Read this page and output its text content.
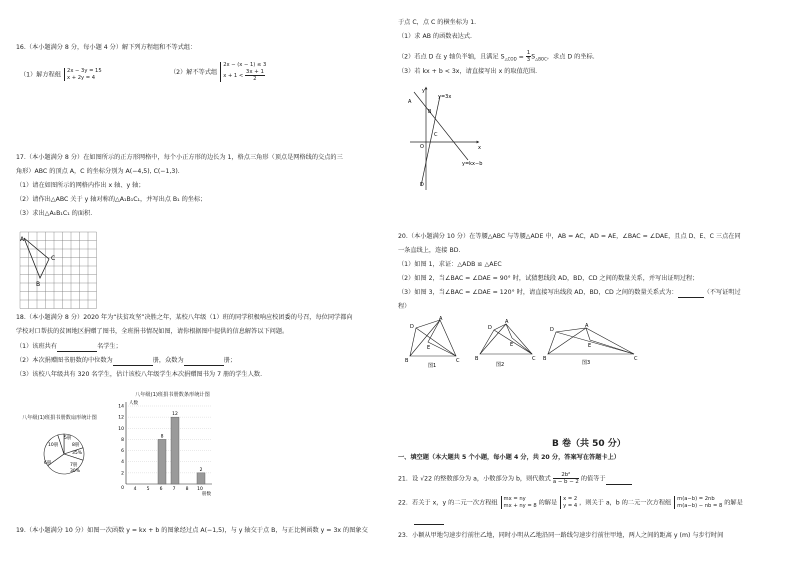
16.（本小题满分 8 分，每小题 4 分）解下列方程组和不等式组：
（1）解方程组
2x − 3y = 15
x + 2y = 4
（2）解不等式组
2x − (x − 1) ≤ 3
$x + 1 < \frac{3x + 1}{2}$
17.（本小题满分 8 分）在如图所示的正方形网格中，每个小正方形的边长为 1，格点三角形（顶点是网格线的交点的三
角形）ABC 的顶点 A，C 的坐标分别为 A(−4,5), C(−1,3).
（1）请在如图所示的网格内作出 x 轴、y 轴；
（2）请作出△ABC 关于 y 轴对称的△A₁B₁C₁，并写出点 B₁ 的坐标；
（3）求出△A₁B₁C₁ 的面积.
A
B
C
18.（本小题满分 8 分）2020 年为“扶贫攻坚”决胜之年，某校八年级（1）班的同学积极响应校团委的号召，每位同学都向
学校对口帮扶的贫困地区捐赠了图书，全班捐书情况如图，请你根据图中提供的信息解答以下问题。
（1）该班共有	名学生；
（2）本次捐赠图书册数的中位数为	册，众数为	册；
（3）该校八年级共有 320 名学生，估计该校八年级学生本次捐赠图书为 7 册的学生人数.
八年级(1)班捐书册数扇形统计图
5册
10册
6册
8册
35%
7册
30%
八年级(1)班捐书册数条形统计图
2
4
6
8
10
12
14
0 4 5 6 7 8 10
8
12
2
人数
册数
19.（本小题满分 10 分）如图一次函数 y = kx + b 的图象经过点 A(−1,5)，与 y 轴交于点 B，与正比例函数 y = 3x 的图象交
于点 C，点 C 的横坐标为 1.
（1）求 AB 的函数表达式.
（2）若点 D 在 y 轴负半轴，且满足 $S_{\triangle COD} = \frac{1}{3}S_{\triangle BOC}$，求点 D 的坐标.
（3）若 kx + b < 3x，请直接写出 x 的取值范围.
y
x
O
A
B
C
D
y=3x
y=kx−b
20.（本小题满分 10 分）在等腰△ABC 与等腰△ADE 中，AB = AC，AD = AE，∠BAC = ∠DAE，且点 D、E、C 三点在同
一条直线上，连接 BD.
（1）如图 1，求证：△ADB ≌ △AEC
（2）如图 2，当∠BAC = ∠DAE = 90° 时，试猜想线段 AD，BD，CD 之间的数量关系，并写出证明过程；
（3）如图 3，当∠BAC = ∠DAE = 120° 时，请直接写出线段 AD，BD，CD 之间的数量关系式为：	（不写证明过
程）
A
B	C
D
E
图1
A
B	C
D
E
图2
A
B	C
D
E
图3
B 卷（共 50 分）
一、填空题（本大题共 5 个小题，每小题 4 分，共 20 分，答案写在答题卡上）
21．设 √22 的整数部分为 a，小数部分为 b，则代数式 $\frac{\text{2b²}}{a - b - 2}$ 的值等于
22．若关于 x，y 的二元一次方程组
mx = ny
mx + ny = 8 的解是
x = 2
y = 4 ，则关于 a，b 的二元一次方程组
m(a−b) = 2nb
m(a−b) − nb = 8 的解是

23．小颖从甲地匀速步行前往乙地，同时小明从乙地沿同一路线匀速步行前往甲地，两人之间的距离 y (m) 与步行时间
